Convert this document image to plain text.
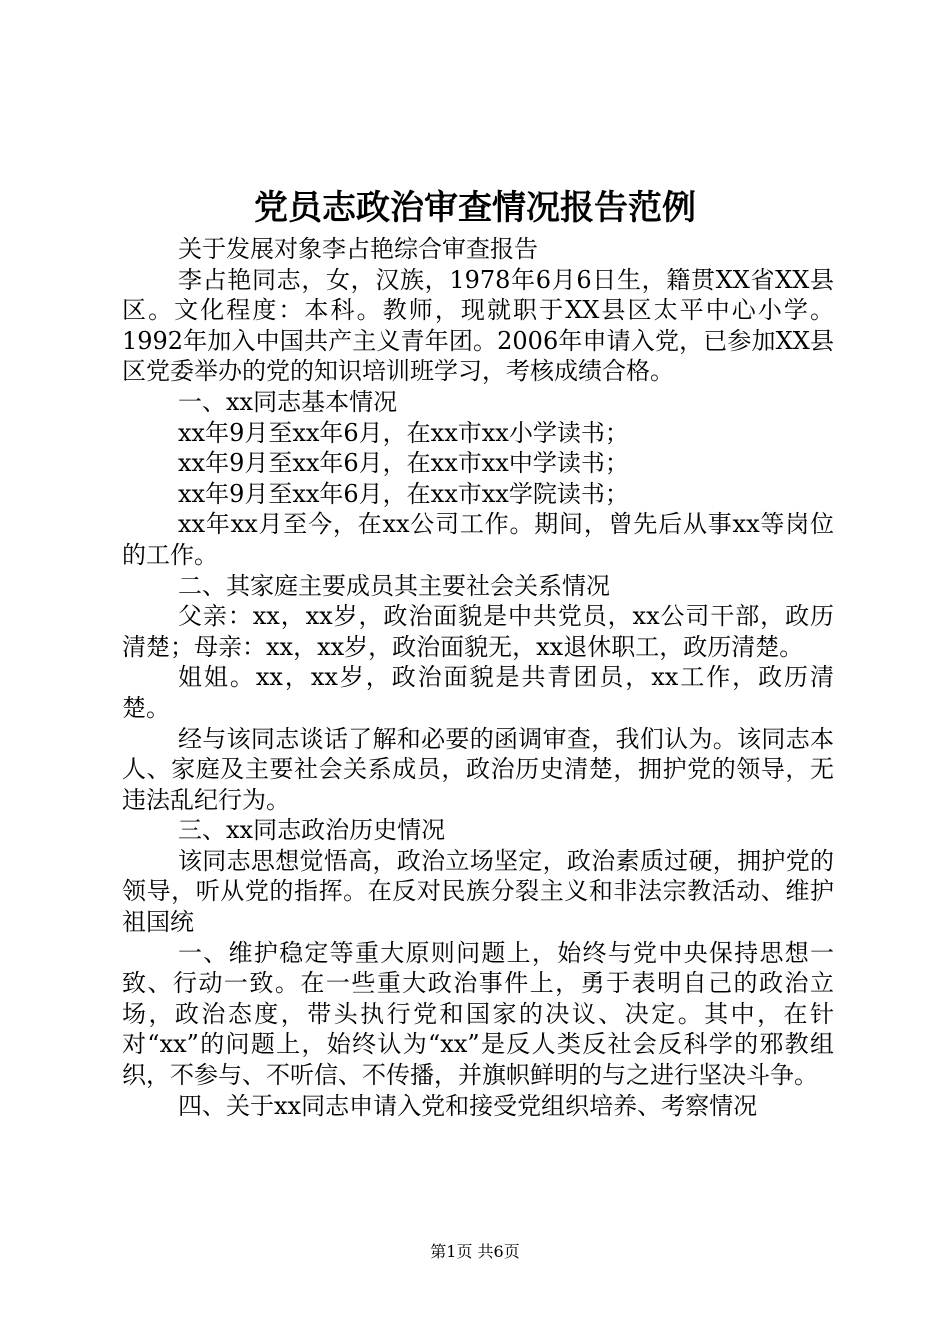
党员志政治审查情况报告范例

关于发展对象李占艳综合审查报告

李占艳同志，女，汉族，1978年6月6日生，籍贯XX省XX县区。文化程度：本科。教师，现就职于XX县区太平中心小学。1992年加入中国共产主义青年团。2006年申请入党，已参加XX县区党委举办的党的知识培训班学习，考核成绩合格。

一、xx同志基本情况

xx年9月至xx年6月，在xx市xx小学读书；

xx年9月至xx年6月，在xx市xx中学读书；

xx年9月至xx年6月，在xx市xx学院读书；

xx年xx月至今，在xx公司工作。期间，曾先后从事xx等岗位的工作。

二、其家庭主要成员其主要社会关系情况

父亲：xx，xx岁，政治面貌是中共党员，xx公司干部，政历清楚；母亲：xx，xx岁，政治面貌无，xx退休职工，政历清楚。

姐姐。xx，xx岁，政治面貌是共青团员，xx工作，政历清楚。

经与该同志谈话了解和必要的函调审查，我们认为。该同志本人、家庭及主要社会关系成员，政治历史清楚，拥护党的领导，无违法乱纪行为。

三、xx同志政治历史情况

该同志思想觉悟高，政治立场坚定，政治素质过硬，拥护党的领导，听从党的指挥。在反对民族分裂主义和非法宗教活动、维护祖国统

一、维护稳定等重大原则问题上，始终与党中央保持思想一致、行动一致。在一些重大政治事件上，勇于表明自己的政治立场，政治态度，带头执行党和国家的决议、决定。其中，在针对“xx”的问题上，始终认为“xx”是反人类反社会反科学的邪教组织，不参与、不听信、不传播，并旗帜鲜明的与之进行坚决斗争。

四、关于xx同志申请入党和接受党组织培养、考察情况

第1页 共6页
